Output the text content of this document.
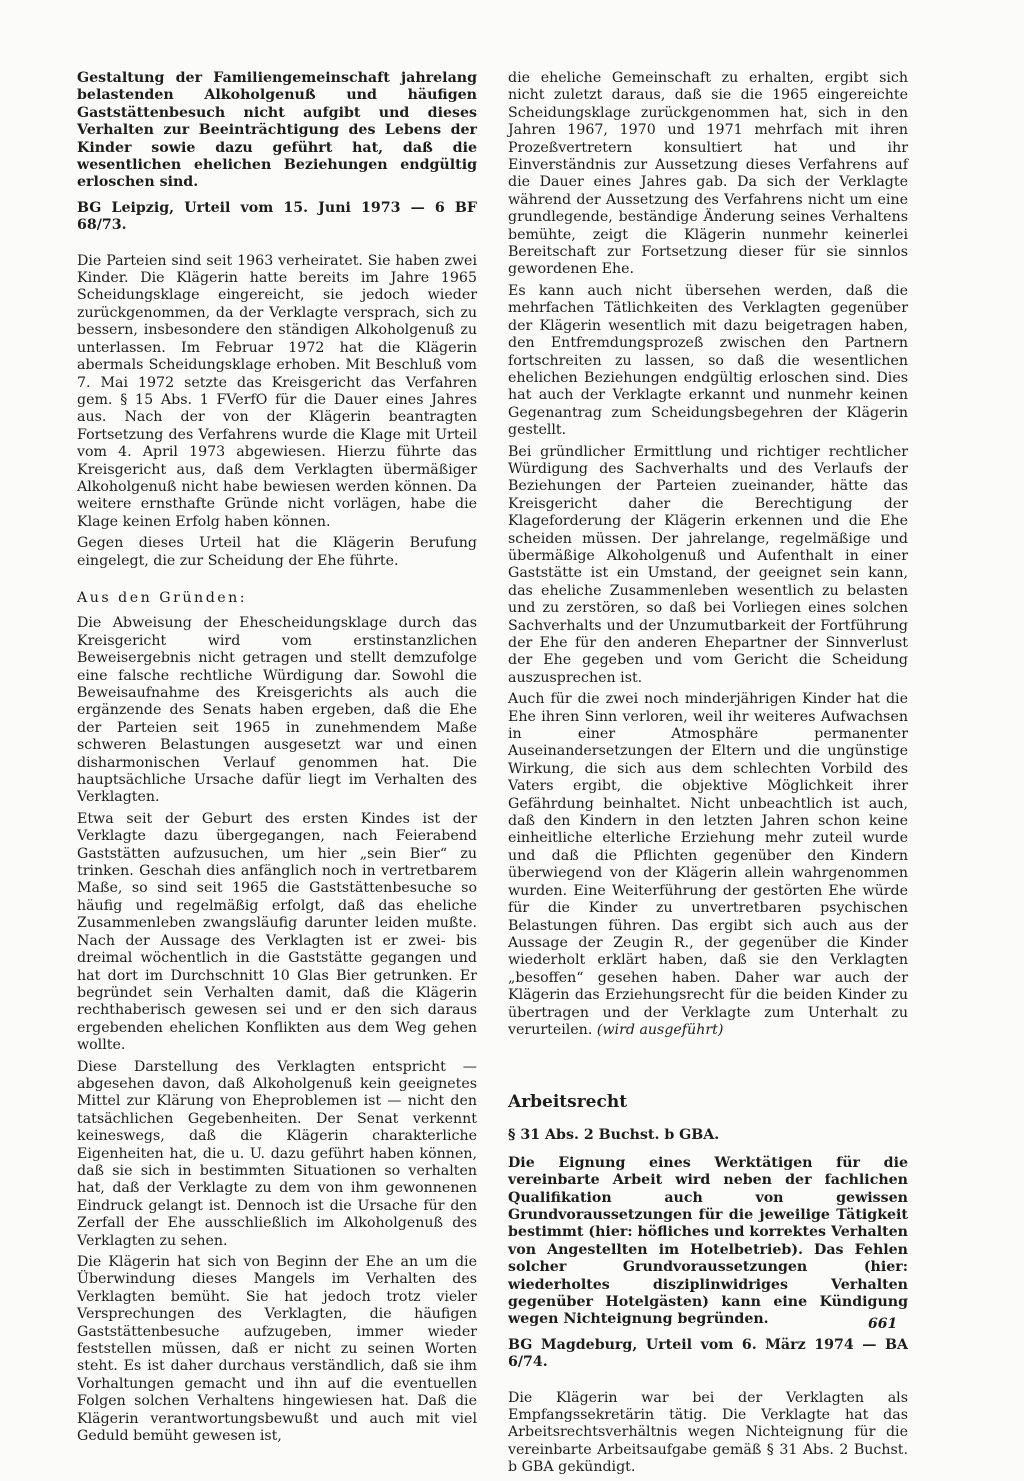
Gestaltung der Familiengemeinschaft jahrelang belastenden Alkoholgenuß und häufigen Gaststättenbesuch nicht aufgibt und dieses Verhalten zur Beeinträchtigung des Lebens der Kinder sowie dazu geführt hat, daß die wesentlichen ehelichen Beziehungen endgültig erloschen sind.

BG Leipzig, Urteil vom 15. Juni 1973 — 6 BF 68/73.

Die Parteien sind seit 1963 verheiratet. Sie haben zwei Kinder. Die Klägerin hatte bereits im Jahre 1965 Scheidungsklage eingereicht, sie jedoch wieder zurückgenommen, da der Verklagte versprach, sich zu bessern, insbesondere den ständigen Alkoholgenuß zu unterlassen. Im Februar 1972 hat die Klägerin abermals Scheidungsklage erhoben. Mit Beschluß vom 7. Mai 1972 setzte das Kreisgericht das Verfahren gem. § 15 Abs. 1 FVerfO für die Dauer eines Jahres aus. Nach der von der Klägerin beantragten Fortsetzung des Verfahrens wurde die Klage mit Urteil vom 4. April 1973 abgewiesen. Hierzu führte das Kreisgericht aus, daß dem Verklagten übermäßiger Alkoholgenuß nicht habe bewiesen werden können. Da weitere ernsthafte Gründe nicht vorlägen, habe die Klage keinen Erfolg haben können.

Gegen dieses Urteil hat die Klägerin Berufung eingelegt, die zur Scheidung der Ehe führte.

Aus den Gründen:

Die Abweisung der Ehescheidungsklage durch das Kreisgericht wird vom erstinstanzlichen Beweisergebnis nicht getragen und stellt demzufolge eine falsche rechtliche Würdigung dar. Sowohl die Beweisaufnahme des Kreisgerichts als auch die ergänzende des Senats haben ergeben, daß die Ehe der Parteien seit 1965 in zunehmendem Maße schweren Belastungen ausgesetzt war und einen disharmonischen Verlauf genommen hat. Die hauptsächliche Ursache dafür liegt im Verhalten des Verklagten.

Etwa seit der Geburt des ersten Kindes ist der Verklagte dazu übergegangen, nach Feierabend Gaststätten aufzusuchen, um hier „sein Bier“ zu trinken. Geschah dies anfänglich noch in vertretbarem Maße, so sind seit 1965 die Gaststättenbesuche so häufig und regelmäßig erfolgt, daß das eheliche Zusammenleben zwangsläufig darunter leiden mußte. Nach der Aussage des Verklagten ist er zwei- bis dreimal wöchentlich in die Gaststätte gegangen und hat dort im Durchschnitt 10 Glas Bier getrunken. Er begründet sein Verhalten damit, daß die Klägerin rechthaberisch gewesen sei und er den sich daraus ergebenden ehelichen Konflikten aus dem Weg gehen wollte.

Diese Darstellung des Verklagten entspricht — abgesehen davon, daß Alkoholgenuß kein geeignetes Mittel zur Klärung von Eheproblemen ist — nicht den tatsächlichen Gegebenheiten. Der Senat verkennt keineswegs, daß die Klägerin charakterliche Eigenheiten hat, die u. U. dazu geführt haben können, daß sie sich in bestimmten Situationen so verhalten hat, daß der Verklagte zu dem von ihm gewonnenen Eindruck gelangt ist. Dennoch ist die Ursache für den Zerfall der Ehe ausschließlich im Alkoholgenuß des Verklagten zu sehen.

Die Klägerin hat sich von Beginn der Ehe an um die Überwindung dieses Mangels im Verhalten des Verklagten bemüht. Sie hat jedoch trotz vieler Versprechungen des Verklagten, die häufigen Gaststättenbesuche aufzugeben, immer wieder feststellen müssen, daß er nicht zu seinen Worten steht. Es ist daher durchaus verständlich, daß sie ihm Vorhaltungen gemacht und ihn auf die eventuellen Folgen solchen Verhaltens hingewiesen hat. Daß die Klägerin verantwortungsbewußt und auch mit viel Geduld bemüht gewesen ist,

die eheliche Gemeinschaft zu erhalten, ergibt sich nicht zuletzt daraus, daß sie die 1965 eingereichte Scheidungsklage zurückgenommen hat, sich in den Jahren 1967, 1970 und 1971 mehrfach mit ihren Prozeßvertretern konsultiert hat und ihr Einverständnis zur Aussetzung dieses Verfahrens auf die Dauer eines Jahres gab. Da sich der Verklagte während der Aussetzung des Verfahrens nicht um eine grundlegende, beständige Änderung seines Verhaltens bemühte, zeigt die Klägerin nunmehr keinerlei Bereitschaft zur Fortsetzung dieser für sie sinnlos gewordenen Ehe.

Es kann auch nicht übersehen werden, daß die mehrfachen Tätlichkeiten des Verklagten gegenüber der Klägerin wesentlich mit dazu beigetragen haben, den Entfremdungsprozeß zwischen den Partnern fortschreiten zu lassen, so daß die wesentlichen ehelichen Beziehungen endgültig erloschen sind. Dies hat auch der Verklagte erkannt und nunmehr keinen Gegenantrag zum Scheidungsbegehren der Klägerin gestellt.

Bei gründlicher Ermittlung und richtiger rechtlicher Würdigung des Sachverhalts und des Verlaufs der Beziehungen der Parteien zueinander, hätte das Kreisgericht daher die Berechtigung der Klageforderung der Klägerin erkennen und die Ehe scheiden müssen. Der jahrelange, regelmäßige und übermäßige Alkoholgenuß und Aufenthalt in einer Gaststätte ist ein Umstand, der geeignet sein kann, das eheliche Zusammenleben wesentlich zu belasten und zu zerstören, so daß bei Vorliegen eines solchen Sachverhalts und der Unzumutbarkeit der Fortführung der Ehe für den anderen Ehepartner der Sinnverlust der Ehe gegeben und vom Gericht die Scheidung auszusprechen ist.

Auch für die zwei noch minderjährigen Kinder hat die Ehe ihren Sinn verloren, weil ihr weiteres Aufwachsen in einer Atmosphäre permanenter Auseinandersetzungen der Eltern und die ungünstige Wirkung, die sich aus dem schlechten Vorbild des Vaters ergibt, die objektive Möglichkeit ihrer Gefährdung beinhaltet. Nicht unbeachtlich ist auch, daß den Kindern in den letzten Jahren schon keine einheitliche elterliche Erziehung mehr zuteil wurde und daß die Pflichten gegenüber den Kindern überwiegend von der Klägerin allein wahrgenommen wurden. Eine Weiterführung der gestörten Ehe würde für die Kinder zu unvertretbaren psychischen Belastungen führen. Das ergibt sich auch aus der Aussage der Zeugin R., der gegenüber die Kinder wiederholt erklärt haben, daß sie den Verklagten „besoffen“ gesehen haben. Daher war auch der Klägerin das Erziehungsrecht für die beiden Kinder zu übertragen und der Verklagte zum Unterhalt zu verurteilen. (wird ausgeführt)

Arbeitsrecht

§ 31 Abs. 2 Buchst. b GBA.

Die Eignung eines Werktätigen für die vereinbarte Arbeit wird neben der fachlichen Qualifikation auch von gewissen Grundvoraussetzungen für die jeweilige Tätigkeit bestimmt (hier: höfliches und korrektes Verhalten von Angestellten im Hotelbetrieb). Das Fehlen solcher Grundvoraussetzungen (hier: wiederholtes disziplinwidriges Verhalten gegenüber Hotelgästen) kann eine Kündigung wegen Nichteignung begründen.

BG Magdeburg, Urteil vom 6. März 1974 — BA 6/74.

Die Klägerin war bei der Verklagten als Empfangssekretärin tätig. Die Verklagte hat das Arbeitsrechtsverhältnis wegen Nichteignung für die vereinbarte Arbeitsaufgabe gemäß § 31 Abs. 2 Buchst. b GBA gekündigt.

661
